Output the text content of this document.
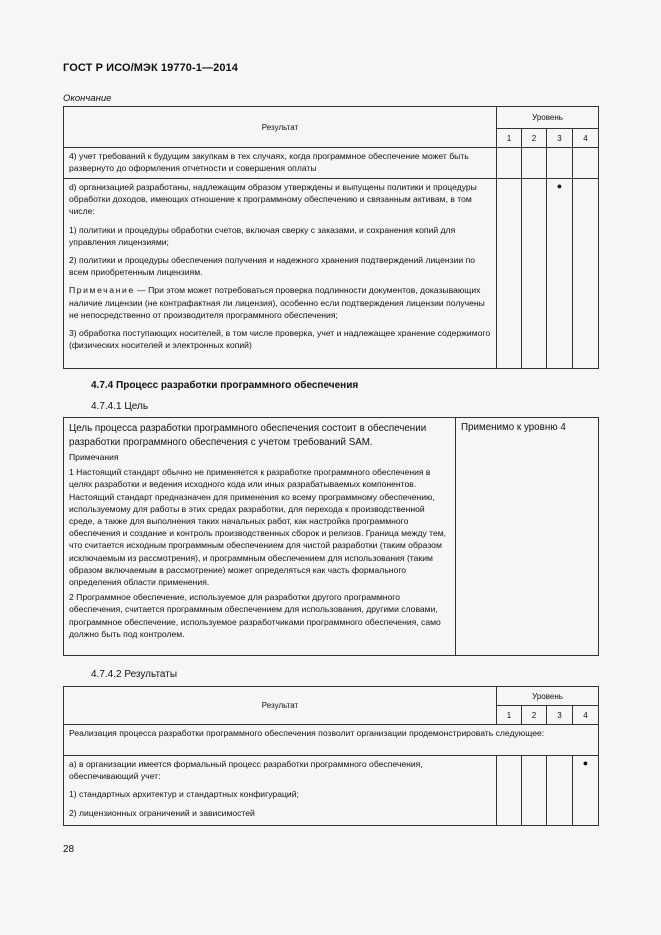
ГОСТ Р ИСО/МЭК 19770-1—2014
Окончание
Результат	Уровень			
	1	2	3	4

4) учет требований к будущим закупкам в тех случаях, когда программное обеспечение может быть развернуто до оформления отчетности и совершения оплаты				

d) организацией разработаны, надлежащим образом утверждены и выпущены политики и процедуры обработки доходов, имеющих отношение к программному обеспечению и связанным активам, в том числе:

1) политики и процедуры обработки счетов, включая сверку с заказами, и сохранения копий для управления лицензиями;

2) политики и процедуры обеспечения получения и надежного хранения подтверждений лицензии по всем приобретенным лицензиям.

Примечание — При этом может потребоваться проверка подлинности документов, доказывающих наличие лицензии (не контрафактная ли лицензия), особенно если подтверждения лицензии получены не непосредственно от производителя программного обеспечения;

3) обработка поступающих носителей, в том числе проверка, учет и надлежащее хранение содержимого (физических носителей и электронных копий)			●	
4.7.4 Процесс разработки программного обеспечения
4.7.4.1 Цель
Цель процесса разработки программного обеспечения состоит в обеспечении разработки программного обеспечения с учетом требований SAM.

Примечания

1 Настоящий стандарт обычно не применяется к разработке программного обеспечения в целях разработки и ведения исходного кода или иных разрабатываемых компонентов. Настоящий стандарт предназначен для применения ко всему программному обеспечению, используемому для работы в этих средах разработки, для перехода к производственной среде, а также для выполнения таких начальных работ, как настройка программного обеспечения и создание и контроль производственных сборок и релизов. Граница между тем, что считается исходным программным обеспечением для чистой разработки (таким образом исключаемым из рассмотрения), и программным обеспечением для использования (таким образом включаемым в рассмотрение) может определяться как часть формального определения области применения.

2 Программное обеспечение, используемое для разработки другого программного обеспечения, считается программным обеспечением для использования, другими словами, программное обеспечение, используемое разработчиками программного обеспечения, само должно быть под контролем.

	Применимо к уровню 4
4.7.4.2 Результаты
Результат	Уровень			
	1	2	3	4

Реализация процесса разработки программного обеспечения позволит организации продемонстрировать следующее:				

а) в организации имеется формальный процесс разработки программного обеспечения, обеспечивающий учет:

1) стандартных архитектур и стандартных конфигураций;

2) лицензионных ограничений и зависимостей				●
28
